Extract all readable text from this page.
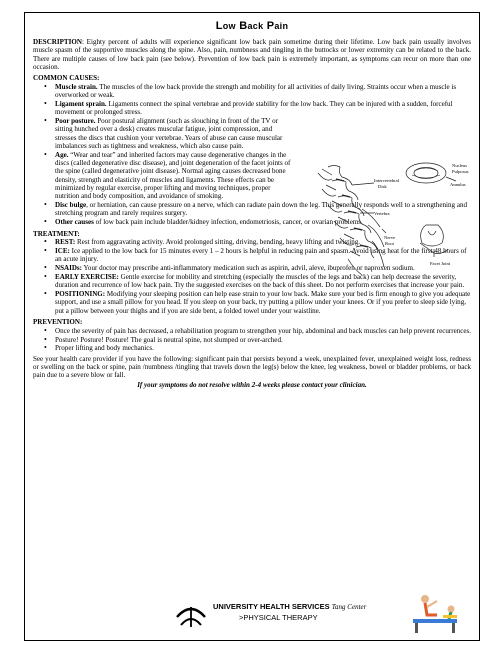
Low Back Pain

DESCRIPTION: Eighty percent of adults will experience significant low back pain sometime during their lifetime. Low back pain usually involves muscle spasm of the supportive muscles along the spine. Also, pain, numbness and tingling in the buttocks or lower extremity can be related to the back. There are multiple causes of low back pain (see below). Prevention of low back pain is extremely important, as symptoms can recur on more than one occasion.

COMMON CAUSES:
• Muscle strain. The muscles of the low back provide the strength and mobility for all activities of daily living. Straints occur when a muscle is overworked or weak.
• Ligament sprain. Ligaments connect the spinal vertebrae and provide stability for the low back. They can be injured with a sudden, forceful movement or prolonged stress.
• Poor posture. Poor postural alignment (such as slouching in front of the TV or sitting hunched over a desk) creates muscular fatigue, joint compression, and stresses the discs that cushion your vertebrae. Years of abuse can cause muscular imbalances such as tightness and weakness, which also cause pain.
• Age. “Wear and tear” and inherited factors may cause degenerative changes in the discs (called degenerative disc disease), and joint degeneration of the facet joints of the spine (called degenerative joint disease). Normal aging causes decreased bone density, strength and elasticity of muscles and ligaments. These effects can be minimized by regular exercise, proper lifting and moving techniques, proper nutrition and body composition, and avoidance of smoking.
• Disc bulge, or herniation, can cause pressure on a nerve, which can radiate pain down the leg. This generally responds well to a strengthening and stretching program and rarely requires surgery.
• Other causes of low back pain include bladder/kidney infection, endometriosis, cancer, or ovarian problems.
TREATMENT:
• REST: Rest from aggravating activity. Avoid prolonged sitting, driving, bending, heavy lifting and twisting.
• ICE: Ice applied to the low back for 15 minutes every 1 – 2 hours is helpful in reducing pain and spasm. Avoid using heat for the first 48 hours of an acute injury.
• NSAIDs: Your doctor may prescribe anti-inflammatory medication such as aspirin, advil, aleve, ibuprofen or naproxen sodium.
• EARLY EXERCISE: Gentle exercise for mobility and stretching (especially the muscles of the legs and back) can help decrease the severity, duration and recurrence of low back pain. Try the suggested exercises on the back of this sheet. Do not perform exercises that increase your pain.
• POSITIONING: Modifying your sleeping position can help ease strain to your low back. Make sure your bed is firm enough to give you adequate support, and use a small pillow for you head. If you sleep on your back, try putting a pillow under your knees. Or if you prefer to sleep side lying, put a pillow between your thighs and if you are side bent, a folded towel under your waistline.
PREVENTION:
• Once the severity of pain has decreased, a rehabilitation program to strengthen your hip, abdominal and back muscles can help prevent recurrences.
• Posture! Posture! Posture! The goal is neutral spine, not slumped or over-arched.
• Proper lifting and body mechanics.

See your health care provider if you have the following: significant pain that persists beyond a week, unexplained fever, unexplained weight loss, redness or swelling on the back or spine, pain /numbness /tingling that travels down the leg(s) below the knee, leg weakness, bowel or bladder problems, or back pain due to a severe blow or fall.

If your symptoms do not resolve within 2-4 weeks please contact your clinician.
Intervertebral
Disk
Nucleus
Pulposus
Annulus
Vertebra
Nerve
Root
Facet Joint
UNIVERSITY HEALTH SERVICES Tang Center
>PHYSICAL THERAPY
